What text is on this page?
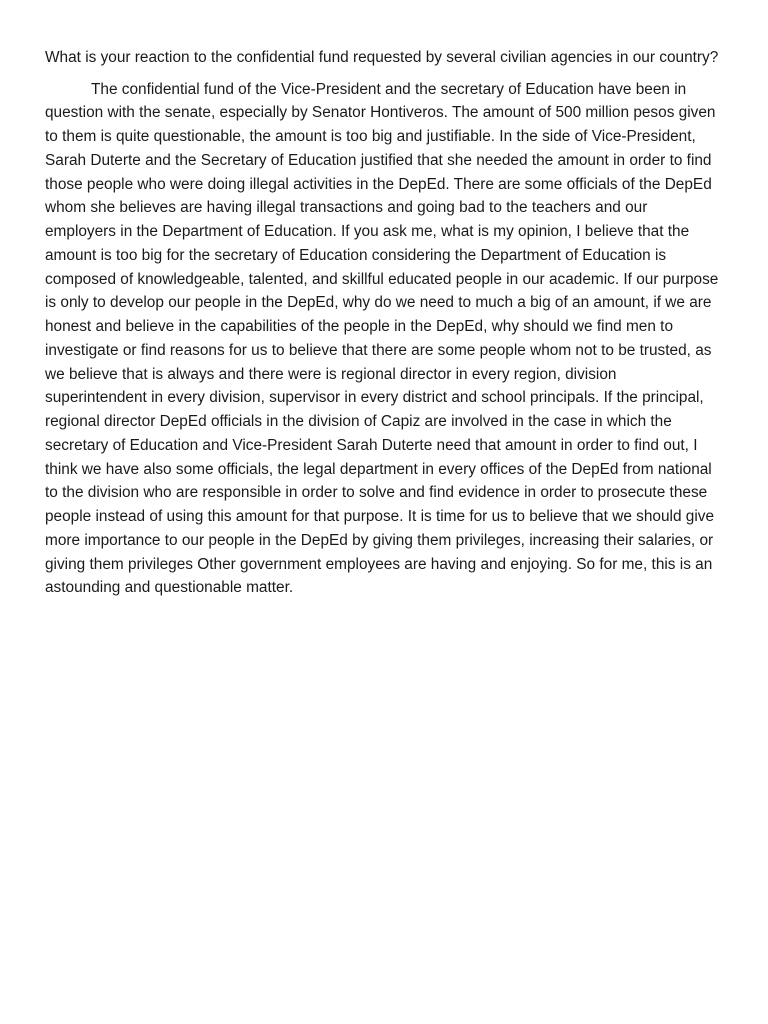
What is your reaction to the confidential fund requested by several civilian agencies in our country?

The confidential fund of the Vice-President and the secretary of Education have been in question with the senate, especially by Senator Hontiveros. The amount of 500 million pesos given to them is quite questionable, the amount is too big and justifiable. In the side of Vice-President, Sarah Duterte and the Secretary of Education justified that she needed the amount in order to find those people who were doing illegal activities in the DepEd. There are some officials of the DepEd whom she believes are having illegal transactions and going bad to the teachers and our employers in the Department of Education. If you ask me, what is my opinion, I believe that the amount is too big for the secretary of Education considering the Department of Education is composed of knowledgeable, talented, and skillful educated people in our academic. If our purpose is only to develop our people in the DepEd, why do we need to much a big of an amount, if we are honest and believe in the capabilities of the people in the DepEd, why should we find men to investigate or find reasons for us to believe that there are some people whom not to be trusted, as we believe that is always and there were is regional director in every region, division superintendent in every division, supervisor in every district and school principals. If the principal, regional director DepEd officials in the division of Capiz are involved in the case in which the secretary of Education and Vice-President Sarah Duterte need that amount in order to find out, I think we have also some officials, the legal department in every offices of the DepEd from national to the division who are responsible in order to solve and find evidence in order to prosecute these people instead of using this amount for that purpose. It is time for us to believe that we should give more importance to our people in the DepEd by giving them privileges, increasing their salaries, or giving them privileges Other government employees are having and enjoying. So for me, this is an astounding and questionable matter.
